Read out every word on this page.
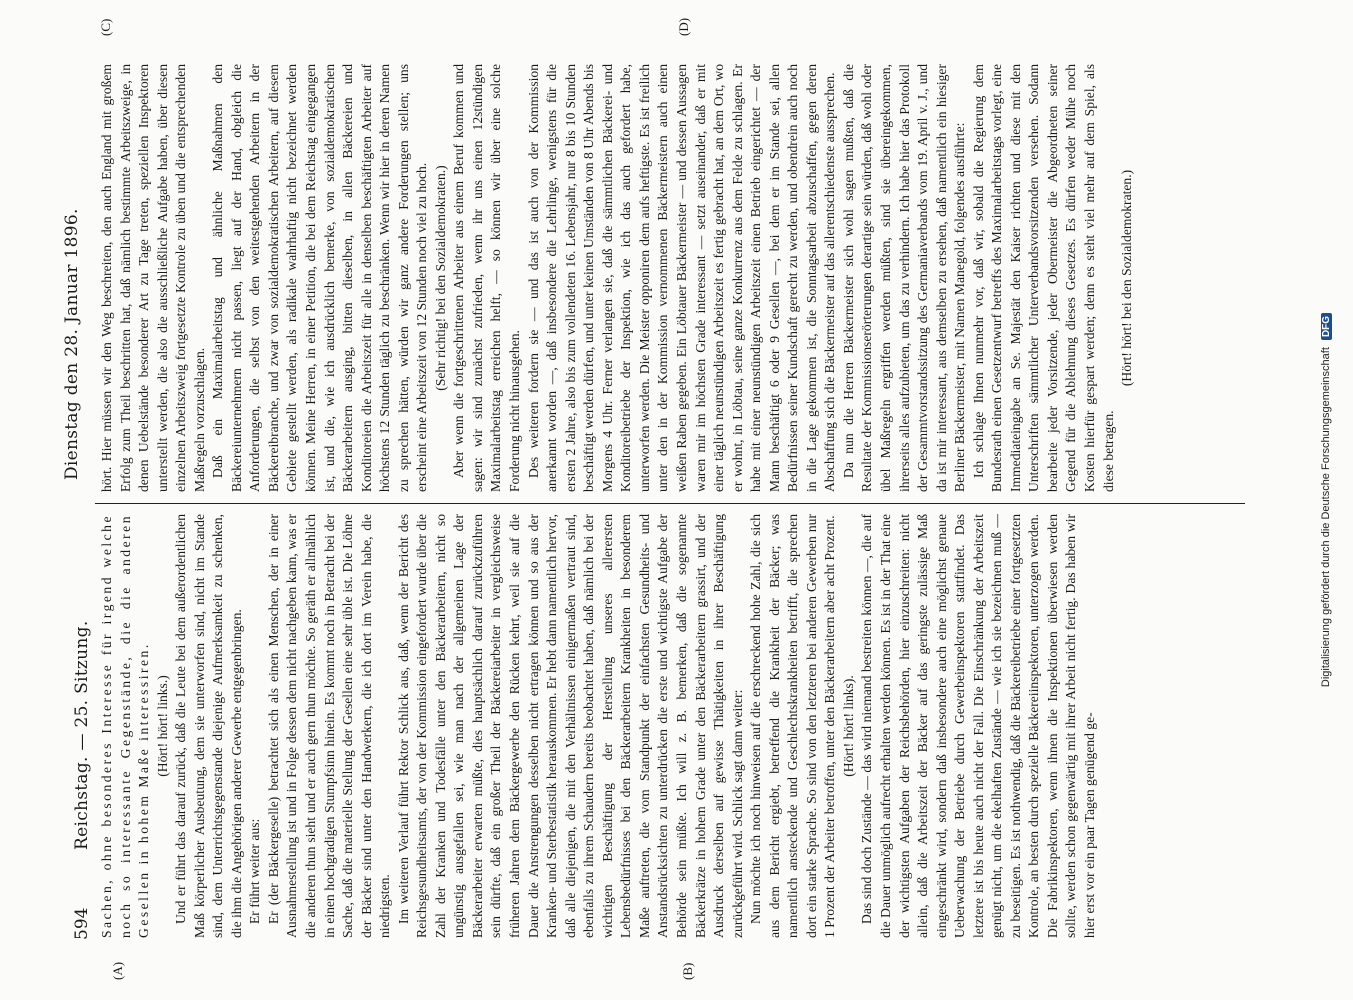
594
Reichstag. — 25. Sitzung.
Dienstag den 28. Januar 1896.
(A)	(B)
(C)	(D)

Sachen, ohne besonderes Interesse für irgend welche noch so interessante Gegenstände, die die anderen Gesellen in hohem Maße interessiren. (Hört! hört! links.) Und er führt das darauf zurück, daß die Leute bei dem außerordentlichen Maß körperlicher Ausbeutung, dem sie unterworfen sind, nicht im Stande sind, dem Unterrichtsgegenstande diejenige Aufmerksamkeit zu schenken, die ihm die Angehörigen anderer Gewerbe entgegenbringen. Er führt weiter aus: Er (der Bäckergeselle) betrachtet sich als einen Menschen, der in einer Ausnahmestellung ist und in Folge dessen dem nicht nachgeben kann, was er die anderen thun sieht und er auch gern thun möchte. So geräth er allmählich in einen hochgradigen Stumpfsinn hinein. Es kommt noch in Betracht bei der Sache, daß die materielle Stellung der Gesellen eine sehr üble ist. Die Löhne der Bäcker sind unter den Handwerkern, die ich dort im Verein habe, die niedrigsten. Im weiteren Verlauf führt Rektor Schlick aus, daß, wenn der Bericht des Reichsgesundheitsamts, der von der Kommission eingefordert wurde über die Zahl der Kranken und Todesfälle unter den Bäckerarbeitern, nicht so ungünstig ausgefallen sei, wie man nach der allgemeinen Lage der Bäckerarbeiter erwarten müßte, dies hauptsächlich darauf zurückzuführen sein dürfte, daß ein großer Theil der Bäckereiarbeiter in vergleichsweise früheren Jahren dem Bäckergewerbe den Rücken kehrt, weil sie auf die Dauer die Anstrengungen desselben nicht ertragen können und so aus der Kranken- und Sterbestatistik herauskommen. Er hebt dann namentlich hervor, daß alle diejenigen, die mit den Verhältnissen einigermaßen vertraut sind, ebenfalls zu ihrem Schaudern bereits beobachtet haben, daß nämlich bei der wichtigen Beschäftigung der Herstellung unseres allerersten Lebensbedürfnisses bei den Bäckerarbeitern Krankheiten in besonderem Maße auftreten, die vom Standpunkt der einfachsten Gesundheits- und Anstandsrücksichten zu unterdrücken die erste und wichtigste Aufgabe der Behörde sein müßte. Ich will z. B. bemerken, daß die sogenannte Bäckerkrätze in hohem Grade unter den Bäckerarbeitern grassirt, und der Ausdruck derselben auf gewisse Thätigkeiten in ihrer Beschäftigung zurückgeführt wird. Schlick sagt dann weiter: Nun möchte ich noch hinweisen auf die erschreckend hohe Zahl, die sich aus dem Bericht ergiebt, betreffend die Krankheit der Bäcker; was namentlich ansteckende und Geschlechtskrankheiten betrifft, die sprechen dort ein starke Sprache. So sind von den letzteren bei anderen Gewerben nur 1 Prozent der Arbeiter betroffen, unter den Bäckerarbeitern aber acht Prozent. (Hört! hört! links). Das sind doch Zustände — das wird niemand bestreiten können —, die auf die Dauer unmöglich aufrecht erhalten werden können. Es ist in der That eine der wichtigsten Aufgaben der Reichsbehörden, hier einzuschreiten: nicht allein, daß die Arbeitszeit der Bäcker auf das geringste zulässige Maß eingeschränkt wird, sondern daß insbesondere auch eine möglichst genaue Ueberwachung der Betriebe durch Gewerbeinspektoren stattfindet. Das letztere ist bis heute auch nicht der Fall. Die Einschränkung der Arbeitszeit genügt nicht, um die ekelhaften Zustände — wie ich sie bezeichnen muß — zu beseitigen. Es ist nothwendig, daß die Bäckereibetriebe einer fortgesetzten Kontrole, an besten durch spezielle Bäckereiinspektoren, unterzogen werden. Die Fabrikinspektoren, wenn ihnen die Inspektionen überwiesen werden sollte, werden schon gegenwärtig mit ihrer Arbeit nicht fertig. Das haben wir hier erst vor ein paar Tagen genügend ge-

hört. Hier müssen wir den Weg beschreiten, den auch England mit großem Erfolg zum Theil beschritten hat, daß nämlich bestimmte Arbeitszweige, in denen Uebelstände besonderer Art zu Tage treten, speziellen Inspektoren unterstellt werden, die also die ausschließliche Aufgabe haben, über diesen einzelnen Arbeitszweig fortgesetzte Kontrole zu üben und die entsprechenden Maßregeln vorzuschlagen. Daß ein Maximalarbeitstag und ähnliche Maßnahmen den Bäckereiunternehmern nicht passen, liegt auf der Hand, obgleich die Anforderungen, die selbst von den weitestgehenden Arbeitern in der Bäckereibranche, und zwar von sozialdemokratischen Arbeitern, auf diesem Gebiete gestellt werden, als radikale wahrhaftig nicht bezeichnet werden können. Meine Herren, in einer Petition, die bei dem Reichstag eingegangen ist, und die, wie ich ausdrücklich bemerke, von sozialdemokratischen Bäckerarbeitern ausging, bitten dieselben, in allen Bäckereien und Konditoreien die Arbeitszeit für alle in denselben beschäftigten Arbeiter auf höchstens 12 Stunden täglich zu beschränken. Wenn wir hier in deren Namen zu sprechen hätten, würden wir ganz andere Forderungen stellen; uns erscheint eine Arbeitszeit von 12 Stunden noch viel zu hoch. (Sehr richtig! bei den Sozialdemokraten.) Aber wenn die fortgeschrittenen Arbeiter aus einem Beruf kommen und sagen: wir sind zunächst zufrieden, wenn ihr uns einen 12stündigen Maximalarbeitstag erreichen helft, — so können wir über eine solche Forderung nicht hinausgehen. Des weiteren fordern sie — und das ist auch von der Kommission anerkannt worden —, daß insbesondere die Lehrlinge, wenigstens für die ersten 2 Jahre, also bis zum vollendeten 16. Lebensjahr, nur 8 bis 10 Stunden beschäftigt werden dürfen, und unter keinen Umständen von 8 Uhr Abends bis Morgens 4 Uhr. Ferner verlangen sie, daß die sämmtlichen Bäckerei- und Konditoreibetriebe der Inspektion, wie ich das auch gefordert habe, unterworfen werden. Die Meister opponiren dem aufs heftigste. Es ist freilich unter den in der Kommission vernommenen Bäckermeistern auch einen weißen Raben gegeben. Ein Löbtauer Bäckermeister — und dessen Aussagen waren mir im höchsten Grade interessant — setzt auseinander, daß er mit einer täglich neunstündigen Arbeitszeit es fertig gebracht hat, an dem Ort, wo er wohnt, in Löbtau, seine ganze Konkurrenz aus dem Felde zu schlagen. Er habe mit einer neunstündigen Arbeitszeit einen Betrieb eingerichtet — der Mann beschäftigt 6 oder 9 Gesellen —, bei dem er im Stande sei, allen Bedürfnissen seiner Kundschaft gerecht zu werden, und obendrein auch noch in die Lage gekommen ist, die Sonntagsarbeit abzuschaffen, gegen deren Abschaffung sich die Bäckermeister auf das allerentschiedenste aussprechen. Da nun die Herren Bäckermeister sich wohl sagen mußten, daß die Resultate der Kommissionserörterungen derartige sein würden, daß wohl oder übel Maßregeln ergriffen werden müßten, sind sie übereingekommen, ihrerseits alles aufzubieten, um das zu verhindern. Ich habe hier das Protokoll der Gesammtvorstandssitzung des Germaniaverbands vom 19. April v. J., und da ist mir interessant, aus demselben zu ersehen, daß namentlich ein hiesiger Berliner Bäckermeister, mit Namen Manegold, folgendes ausführte: Ich schlage Ihnen nunmehr vor, daß wir, sobald die Regierung dem Bundesrath einen Gesetzentwurf betreffs des Maximalarbeitstags vorlegt, eine Immediateingabe an Se. Majestät den Kaiser richten und diese mit den Unterschriften sämmtlicher Unterverbandsvorsitzenden versehen. Sodann bearbeite jeder Vorsitzende, jeder Obermeister die Abgeordneten seiner Gegend für die Ablehnung dieses Gesetzes. Es dürfen weder Mühe noch Kosten hierfür gespart werden; denn es steht viel mehr auf dem Spiel, als diese betragen.

(Hört! hört! bei den Sozialdemokraten.)

Digitalisierung gefördert durch die Deutsche Forschungsgemeinschaft DFG
